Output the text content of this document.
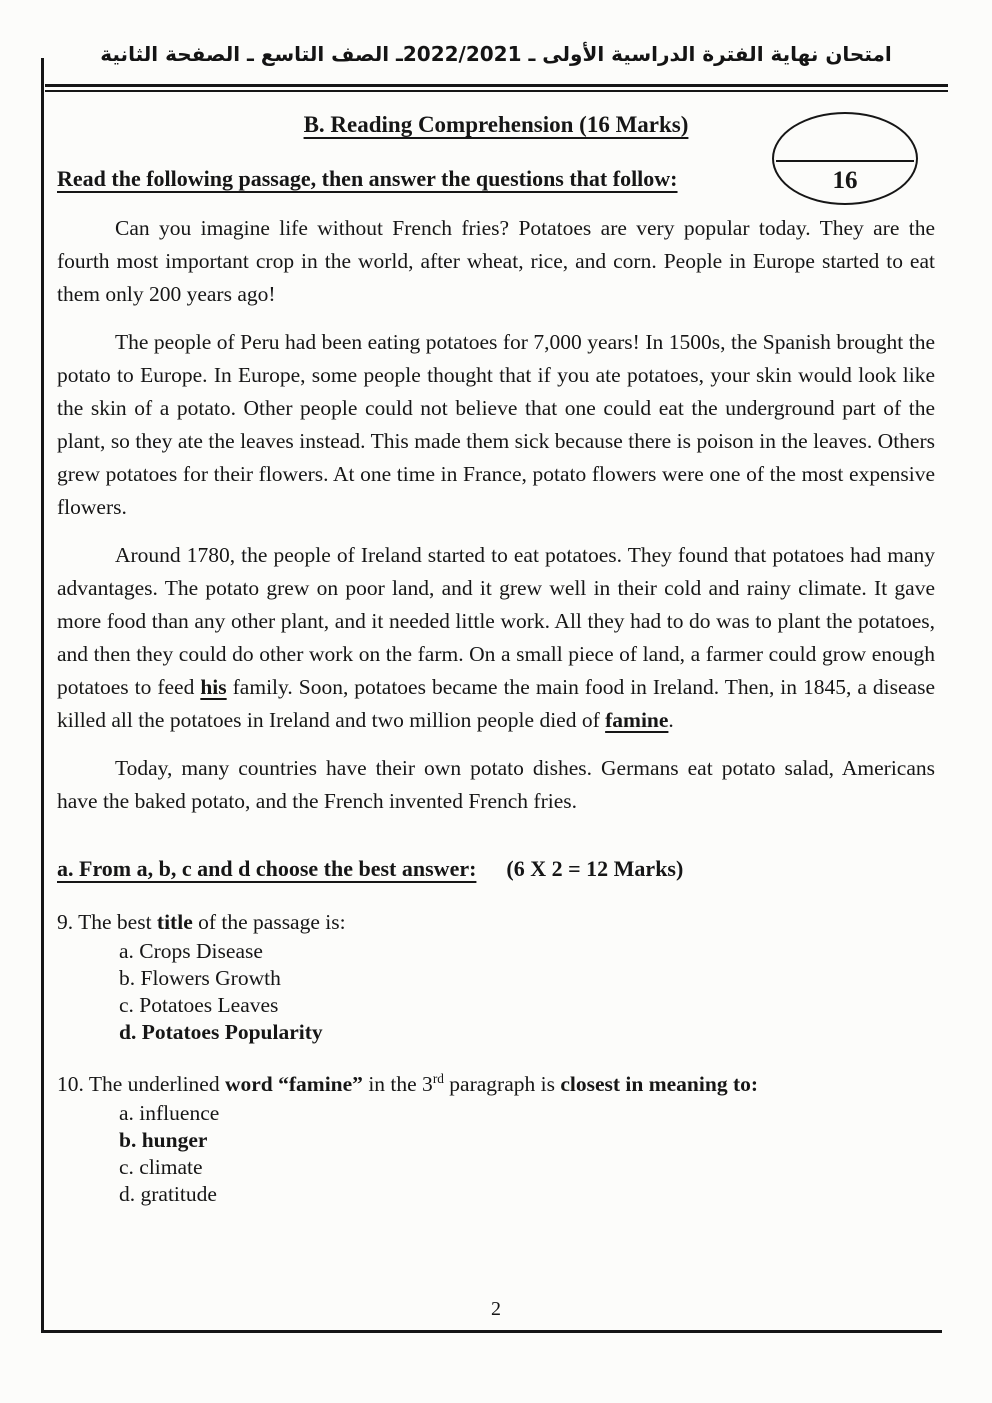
امتحان نهاية الفترة الدراسية الأولى ـ 2022/2021ـ الصف التاسع ـ الصفحة الثانية
16
B. Reading Comprehension (16 Marks)
Read the following passage, then answer the questions that follow:

Can you imagine life without French fries? Potatoes are very popular today. They are the fourth most important crop in the world, after wheat, rice, and corn. People in Europe started to eat them only 200 years ago!

The people of Peru had been eating potatoes for 7,000 years! In 1500s, the Spanish brought the potato to Europe. In Europe, some people thought that if you ate potatoes, your skin would look like the skin of a potato. Other people could not believe that one could eat the underground part of the plant, so they ate the leaves instead. This made them sick because there is poison in the leaves. Others grew potatoes for their flowers. At one time in France, potato flowers were one of the most expensive flowers.

Around 1780, the people of Ireland started to eat potatoes. They found that potatoes had many advantages. The potato grew on poor land, and it grew well in their cold and rainy climate. It gave more food than any other plant, and it needed little work. All they had to do was to plant the potatoes, and then they could do other work on the farm. On a small piece of land, a farmer could grow enough potatoes to feed his family. Soon, potatoes became the main food in Ireland. Then, in 1845, a disease killed all the potatoes in Ireland and two million people died of famine.

Today, many countries have their own potato dishes. Germans eat potato salad, Americans have the baked potato, and the French invented French fries.

a. From a, b, c and d choose the best answer: (6 X 2 = 12 Marks)
9. The best title of the passage is:
a. Crops Disease
b. Flowers Growth
c. Potatoes Leaves
d. Potatoes Popularity
10. The underlined word “famine” in the 3rd paragraph is closest in meaning to:
a. influence
b. hunger
c. climate
d. gratitude
2
